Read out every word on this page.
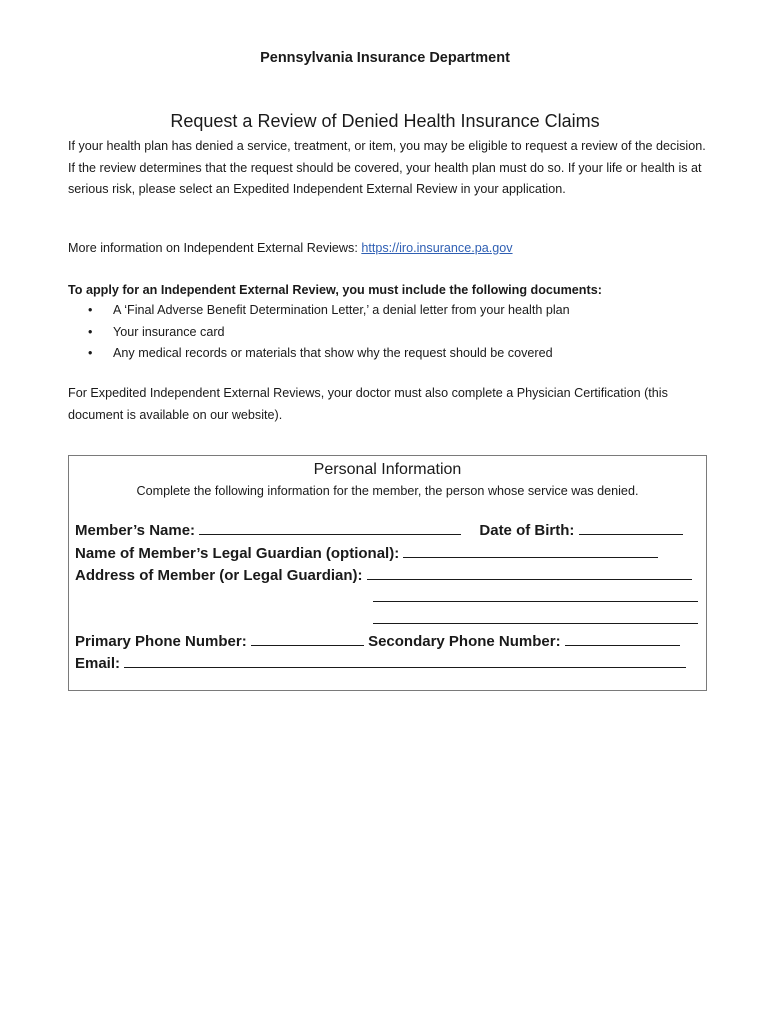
Pennsylvania Insurance Department
Request a Review of Denied Health Insurance Claims
If your health plan has denied a service, treatment, or item, you may be eligible to request a review of the decision. If the review determines that the request should be covered, your health plan must do so. If your life or health is at serious risk, please select an Expedited Independent External Review in your application.
More information on Independent External Reviews: https://iro.insurance.pa.gov
To apply for an Independent External Review, you must include the following documents:
• A ‘Final Adverse Benefit Determination Letter,’ a denial letter from your health plan
• Your insurance card
• Any medical records or materials that show why the request should be covered
For Expedited Independent External Reviews, your doctor must also complete a Physician Certification (this document is available on our website).
Personal Information
Complete the following information for the member, the person whose service was denied.
Member’s Name:	Date of Birth:
Name of Member’s Legal Guardian (optional):
Address of Member (or Legal Guardian):
Primary Phone Number:	Secondary Phone Number:
Email:
